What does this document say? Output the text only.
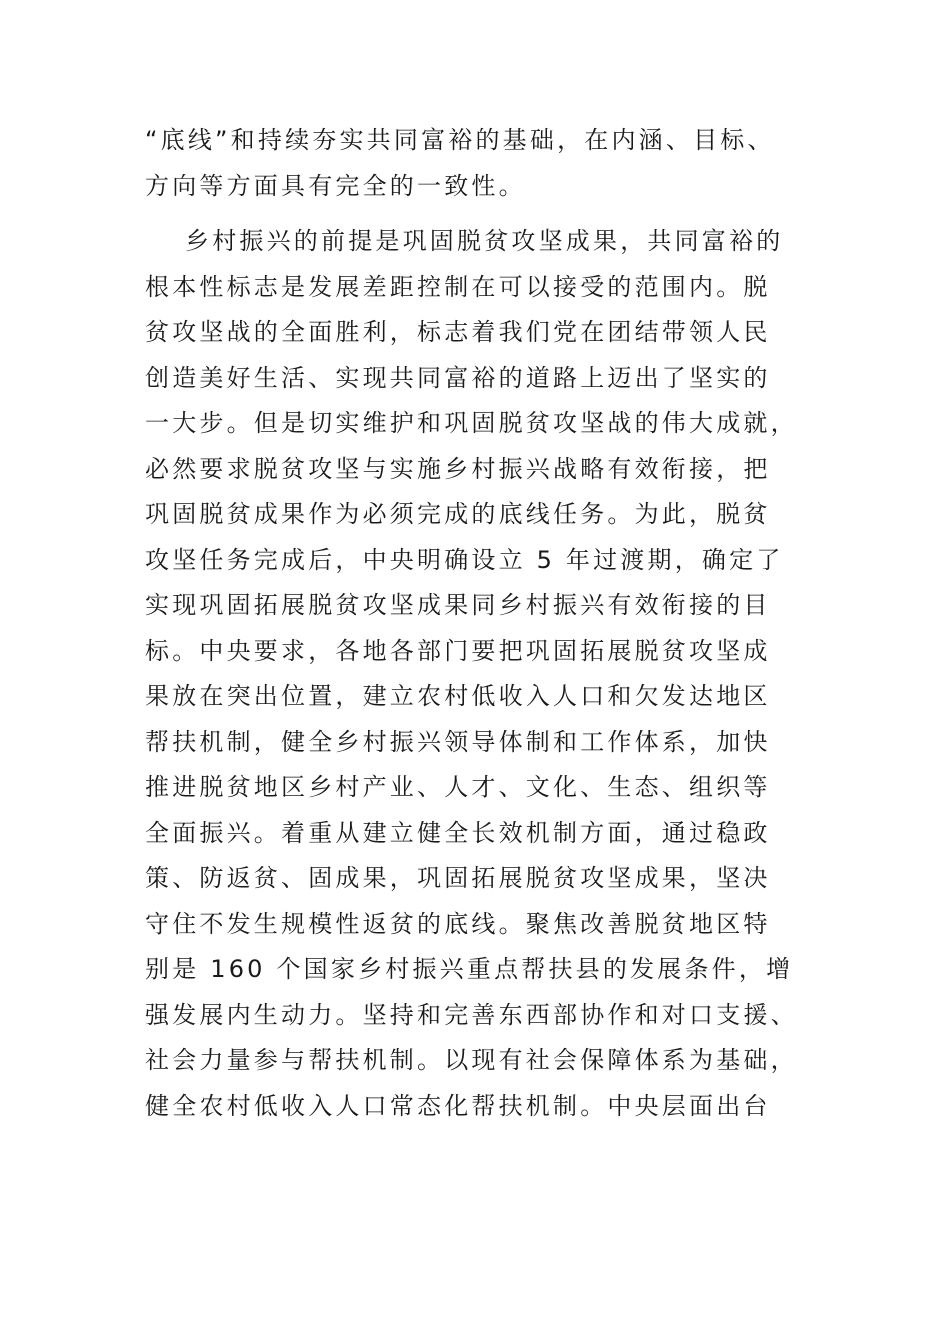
“底线”和持续夯实共同富裕的基础，在内涵、目标、
方向等方面具有完全的一致性。
乡村振兴的前提是巩固脱贫攻坚成果，共同富裕的
根本性标志是发展差距控制在可以接受的范围内。脱
贫攻坚战的全面胜利，标志着我们党在团结带领人民
创造美好生活、实现共同富裕的道路上迈出了坚实的
一大步。但是切实维护和巩固脱贫攻坚战的伟大成就，
必然要求脱贫攻坚与实施乡村振兴战略有效衔接，把
巩固脱贫成果作为必须完成的底线任务。为此，脱贫
攻坚任务完成后，中央明确设立 5 年过渡期，确定了
实现巩固拓展脱贫攻坚成果同乡村振兴有效衔接的目
标。中央要求，各地各部门要把巩固拓展脱贫攻坚成
果放在突出位置，建立农村低收入人口和欠发达地区
帮扶机制，健全乡村振兴领导体制和工作体系，加快
推进脱贫地区乡村产业、人才、文化、生态、组织等
全面振兴。着重从建立健全长效机制方面，通过稳政
策、防返贫、固成果，巩固拓展脱贫攻坚成果，坚决
守住不发生规模性返贫的底线。聚焦改善脱贫地区特
别是 160 个国家乡村振兴重点帮扶县的发展条件，增
强发展内生动力。坚持和完善东西部协作和对口支援、
社会力量参与帮扶机制。以现有社会保障体系为基础，
健全农村低收入人口常态化帮扶机制。中央层面出台
